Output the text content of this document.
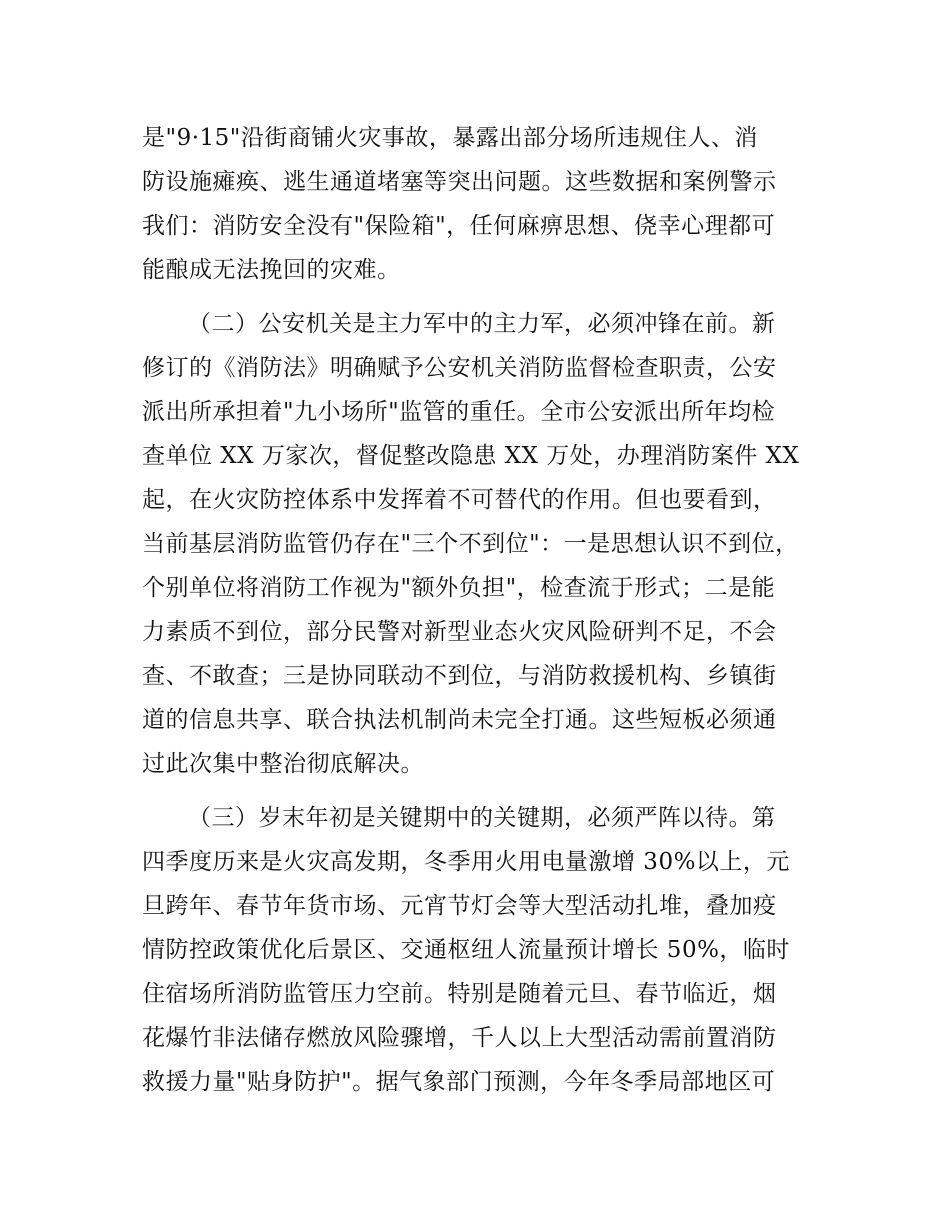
是"9·15"沿街商铺火灾事故，暴露出部分场所违规住人、消
防设施瘫痪、逃生通道堵塞等突出问题。这些数据和案例警示
我们：消防安全没有"保险箱"，任何麻痹思想、侥幸心理都可
能酿成无法挽回的灾难。
（二）公安机关是主力军中的主力军，必须冲锋在前。新
修订的《消防法》明确赋予公安机关消防监督检查职责，公安
派出所承担着"九小场所"监管的重任。全市公安派出所年均检
查单位 XX 万家次，督促整改隐患 XX 万处，办理消防案件 XX
起，在火灾防控体系中发挥着不可替代的作用。但也要看到，
当前基层消防监管仍存在"三个不到位"：一是思想认识不到位，
个别单位将消防工作视为"额外负担"，检查流于形式；二是能
力素质不到位，部分民警对新型业态火灾风险研判不足，不会
查、不敢查；三是协同联动不到位，与消防救援机构、乡镇街
道的信息共享、联合执法机制尚未完全打通。这些短板必须通
过此次集中整治彻底解决。
（三）岁末年初是关键期中的关键期，必须严阵以待。第
四季度历来是火灾高发期，冬季用火用电量激增 30%以上，元
旦跨年、春节年货市场、元宵节灯会等大型活动扎堆，叠加疫
情防控政策优化后景区、交通枢纽人流量预计增长 50%，临时
住宿场所消防监管压力空前。特别是随着元旦、春节临近，烟
花爆竹非法储存燃放风险骤增，千人以上大型活动需前置消防
救援力量"贴身防护"。据气象部门预测，今年冬季局部地区可
